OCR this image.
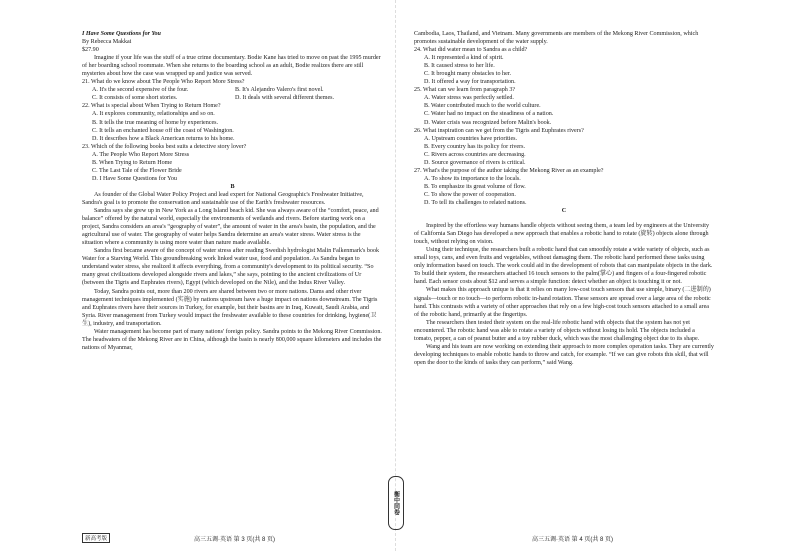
I Have Some Questions for You

By Rebecca Makkai

$27.90

Imagine if your life was the stuff of a true crime documentary. Bodie Kane has tried to move on past the 1995 murder of her boarding school roommate. When she returns to the boarding school as an adult, Bodie realizes there are still mysteries about how the case was wrapped up and justice was served.

21. What do we know about The People Who Report More Stress?

A. It's the second expensive of the four.	B. It's Alejandro Valero's first novel.
C. It consists of some short stories.	D. It deals with several different themes.

22. What is special about When Trying to Return Home?

A. It explores community, relationships and so on.

B. It tells the true meaning of home by experiences.

C. It tells an enchanted house off the coast of Washington.

D. It describes how a Black American returns to his home.

23. Which of the following books best suits a detective story lover?

A. The People Who Report More Stress

B. When Trying to Return Home

C. The Last Tale of the Flower Bride

D. I Have Some Questions for You

B

As founder of the Global Water Policy Project and lead expert for National Geographic's Freshwater Initiative, Sandra's goal is to promote the conservation and sustainable use of the Earth's freshwater resources.

Sandra says she grew up in New York as a Long Island beach kid. She was always aware of the “comfort, peace, and balance” offered by the natural world, especially the environments of wetlands and rivers. Before starting work on a project, Sandra considers an area's “geography of water”, the amount of water in the area's basin, the population, and the agricultural use of water. The geography of water helps Sandra determine an area's water stress. Water stress is the situation where a community is using more water than nature made available.

Sandra first became aware of the concept of water stress after reading Swedish hydrologist Malin Falkenmark's book Water for a Starving World. This groundbreaking work linked water use, food and population. As Sandra began to understand water stress, she realized it affects everything, from a community's development to its political security. “So many great civilizations developed alongside rivers and lakes,” she says, pointing to the ancient civilizations of Ur (between the Tigris and Euphrates rivers), Egypt (which developed on the Nile), and the Indus River Valley.

Today, Sandra points out, more than 200 rivers are shared between two or more nations. Dams and other river management techniques implemented (实施) by nations upstream have a huge impact on nations downstream. The Tigris and Euphrates rivers have their sources in Turkey, for example, but their basins are in Iraq, Kuwait, Saudi Arabia, and Syria. River management from Turkey would impact the freshwater available to these countries for drinking, hygiene(卫生), industry, and transportation.

Water management has become part of many nations' foreign policy. Sandra points to the Mekong River Commission. The headwaters of the Mekong River are in China, although the basin is nearly 800,000 square kilometers and includes the nations of Myanmar,

Cambodia, Laos, Thailand, and Vietnam. Many governments are members of the Mekong River Commission, which promotes sustainable development of the water supply.

24. What did water mean to Sandra as a child?

A. It represented a kind of spirit.

B. It caused stress to her life.

C. It brought many obstacles to her.

D. It offered a way for transportation.

25. What can we learn from paragraph 3?

A. Water stress was perfectly settled.

B. Water contributed much to the world culture.

C. Water had no impact on the steadiness of a nation.

D. Water crisis was recognized before Malin's book.

26. What inspiration can we get from the Tigris and Euphrates rivers?

A. Upstream countries have priorities.

B. Every country has its policy for rivers.

C. Rivers across countries are decreasing.

D. Source governance of rivers is critical.

27. What's the purpose of the author taking the Mekong River as an example?

A. To show its importance to the locals.

B. To emphasize its great volume of flow.

C. To show the power of cooperation.

D. To tell its challenges to related nations.

C

Inspired by the effortless way humans handle objects without seeing them, a team led by engineers at the University of California San Diego has developed a new approach that enables a robotic hand to rotate (旋转) objects alone through touch, without relying on vision.

Using their technique, the researchers built a robotic hand that can smoothly rotate a wide variety of objects, such as small toys, cans, and even fruits and vegetables, without damaging them. The robotic hand performed these tasks using only information based on touch. The work could aid in the development of robots that can manipulate objects in the dark. To build their system, the researchers attached 16 touch sensors to the palm(掌心) and fingers of a four-fingered robotic hand. Each sensor costs about $12 and serves a simple function: detect whether an object is touching it or not.

What makes this approach unique is that it relies on many low-cost touch sensors that use simple, binary (二进制的) signals—touch or no touch—to perform robotic in-hand rotation. These sensors are spread over a large area of the robotic hand. This contrasts with a variety of other approaches that rely on a few high-cost touch sensors attached to a small area of the robotic hand, primarily at the fingertips.

The researchers then tested their system on the real-life robotic hand with objects that the system has not yet encountered. The robotic hand was able to rotate a variety of objects without losing its hold. The objects included a tomato, pepper, a can of peanut butter and a toy rubber duck, which was the most challenging object due to its shape.

Wang and his team are now working on extending their approach to more complex operation tasks. They are currently developing techniques to enable robotic hands to throw and catch, for example. “If we can give robots this skill, that will open the door to the kinds of tasks they can perform,” said Wang.

衡中同卷
新高考版	高三五调·英语 第 3 页(共 8 页)	高三五调·英语 第 4 页(共 8 页)
